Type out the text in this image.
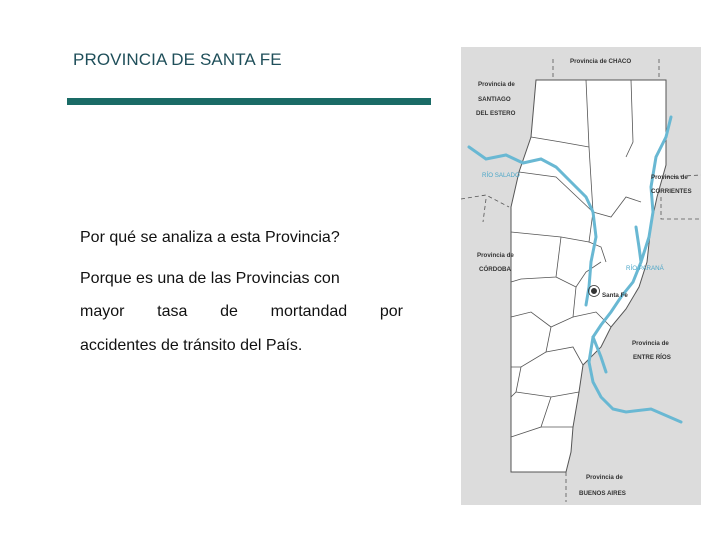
PROVINCIA DE SANTA FE
Por qué se analiza a esta Provincia?
Porque es una de las Provincias con
mayor tasa de mortandad por
accidentes de tránsito del País.
Provincia de CHACO
Provincia de
SANTIAGO
DEL ESTERO
Provincia de
CORRIENTES
Provincia de
CÓRDOBA
Santa Fe
Provincia de
ENTRE RÍOS
Provincia de
BUENOS AIRES
RÍO SALADO
RÍO PARANÁ
